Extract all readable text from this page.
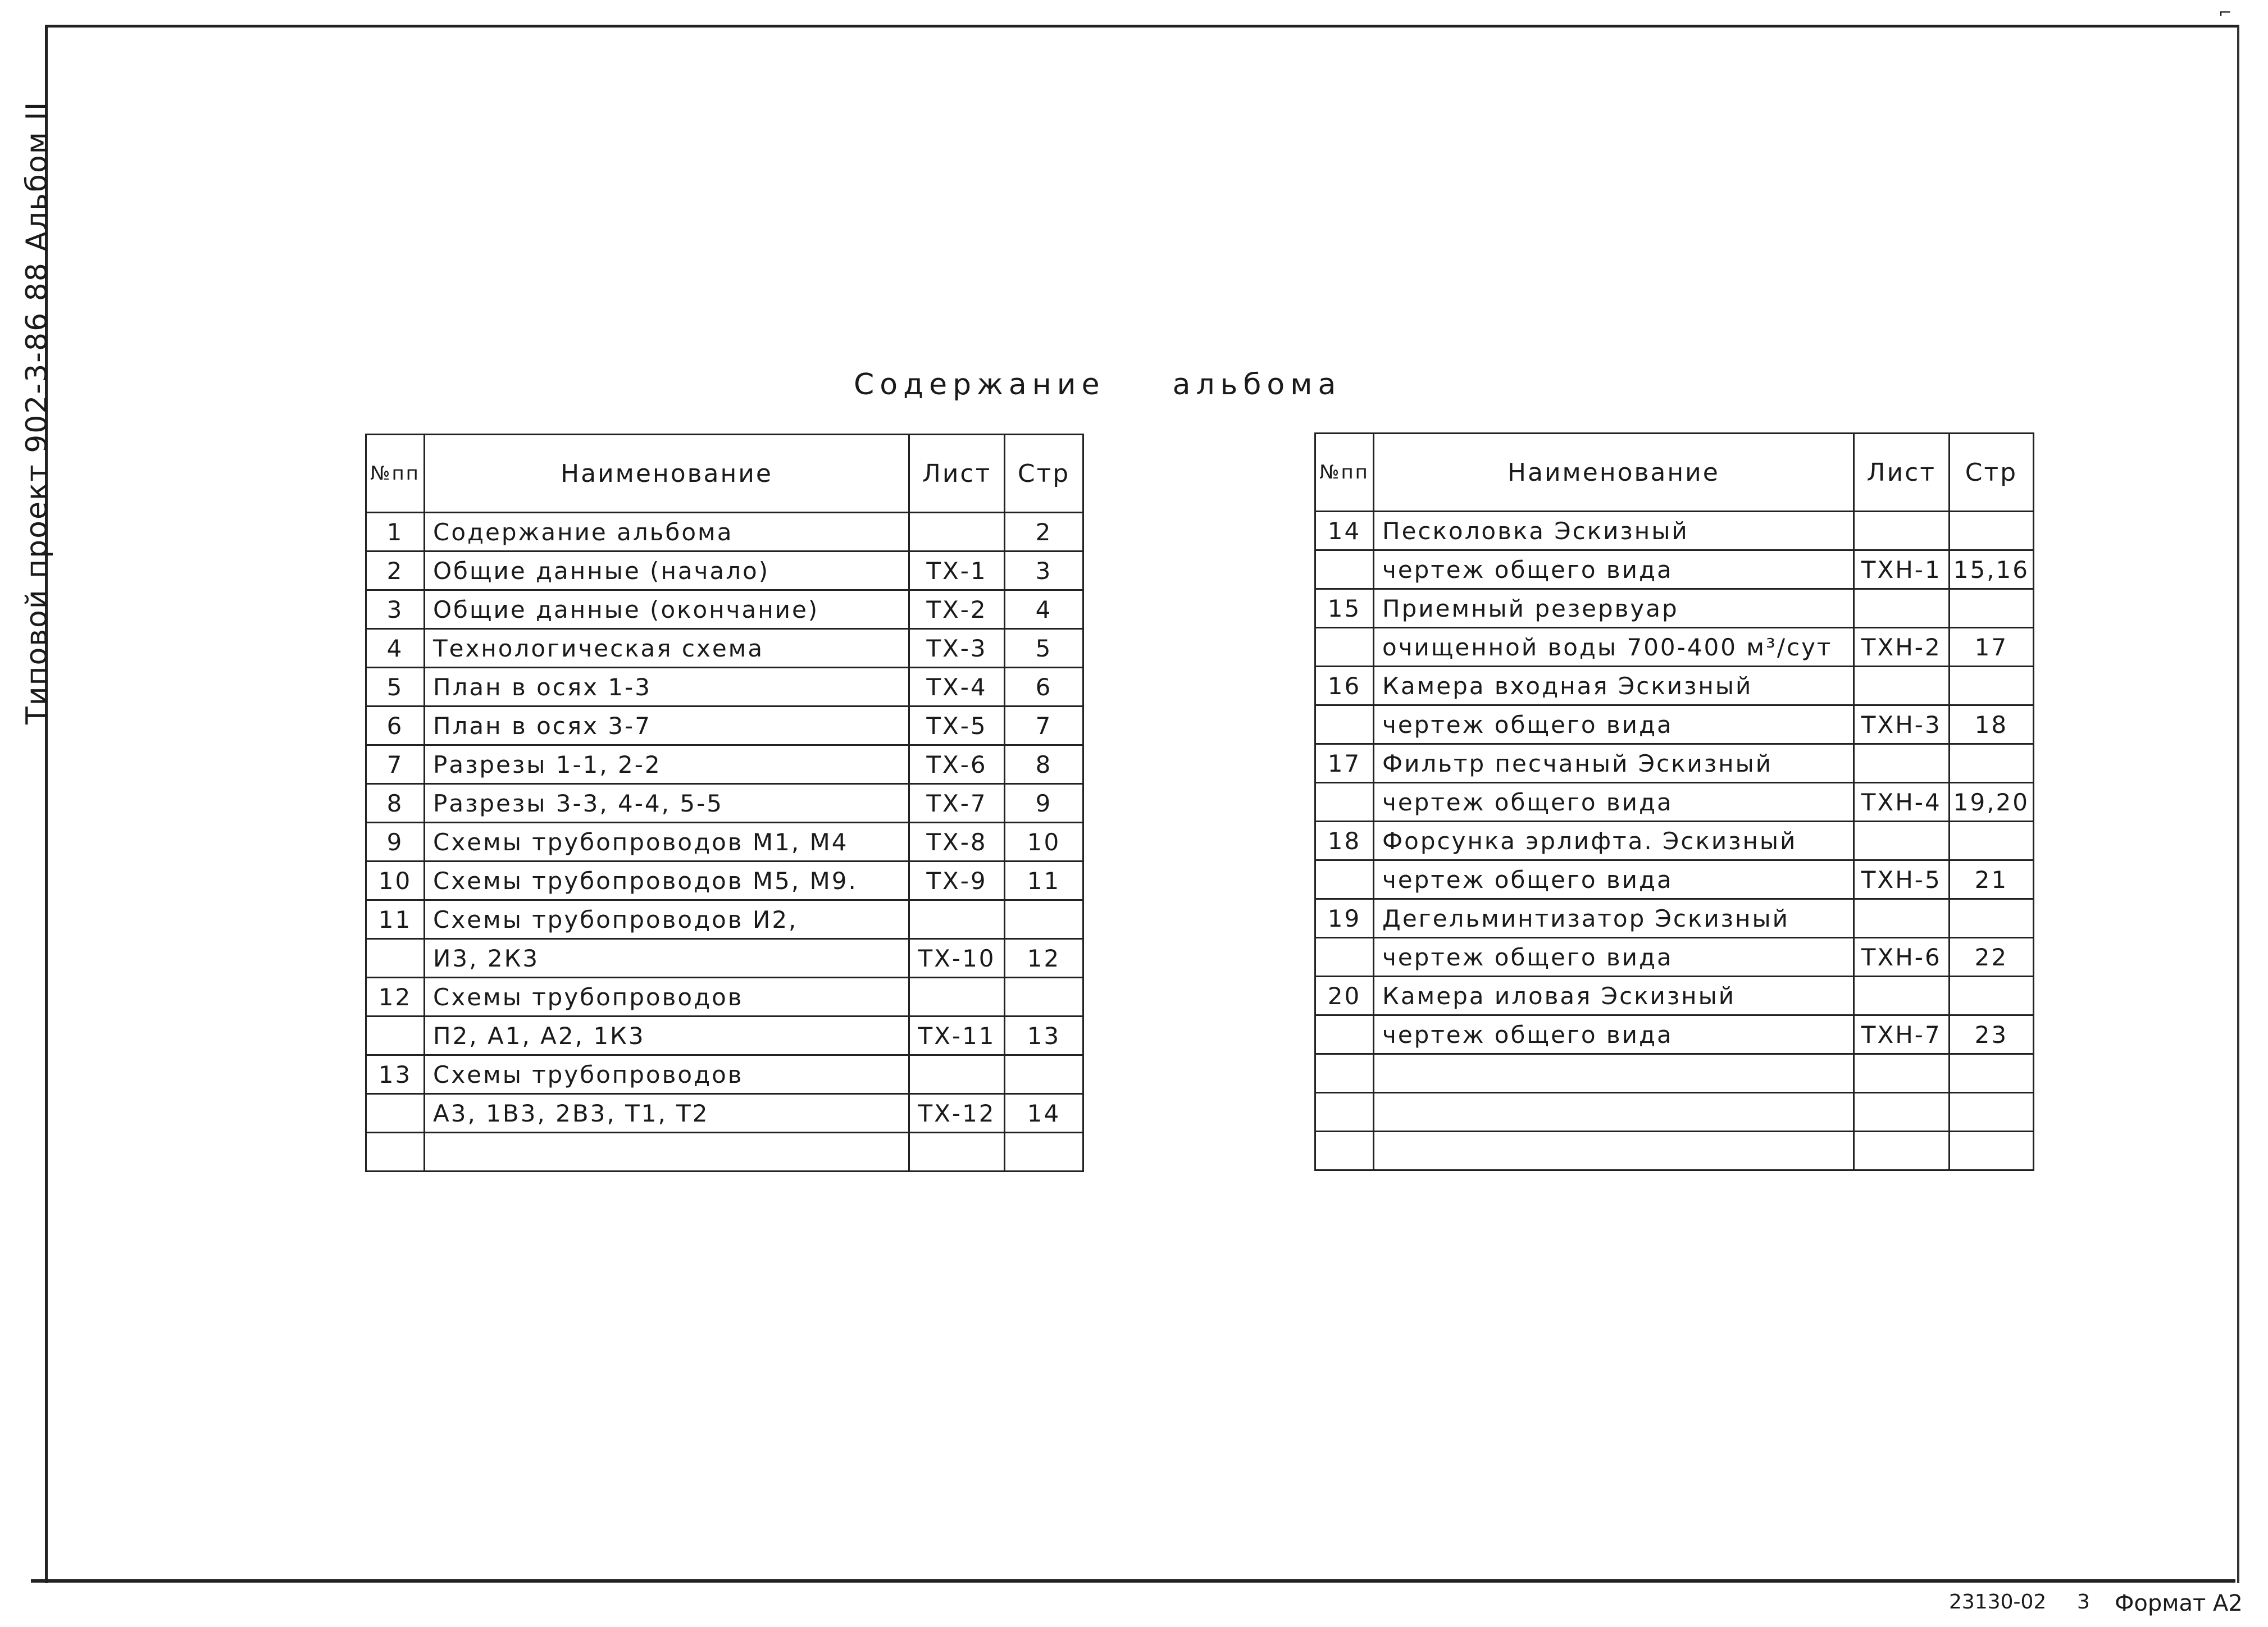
⌐
Типовой проект 902-3-86 88 Альбом II	Содержание альбома
№пп	Наименование	Лист	Стр
1	Содержание альбома		2
2	Общие данные (начало)	ТХ-1	3
3	Общие данные (окончание)	ТХ-2	4
4	Технологическая схема	ТХ-3	5
5	План в осях 1-3	ТХ-4	6
6	План в осях 3-7	ТХ-5	7
7	Разрезы 1-1, 2-2	ТХ-6	8
8	Разрезы 3-3, 4-4, 5-5	ТХ-7	9
9	Схемы трубопроводов М1, М4	ТХ-8	10
10	Схемы трубопроводов М5, М9.	ТХ-9	11
11	Схемы трубопроводов И2,		
	И3, 2К3	ТХ-10	12
12	Схемы трубопроводов		
	П2, А1, А2, 1К3	ТХ-11	13
13	Схемы трубопроводов		
	А3, 1В3, 2В3, Т1, Т2	ТХ-12	14

№пп	Наименование	Лист	Стр
14	Песколовка Эскизный		
	чертеж общего вида	ТХН-1	15,16
15	Приемный резервуар		
	очищенной воды 700-400 м³/сут	ТХН-2	17
16	Камера входная Эскизный		
	чертеж общего вида	ТХН-3	18
17	Фильтр песчаный Эскизный		
	чертеж общего вида	ТХН-4	19,20
18	Форсунка эрлифта. Эскизный		
	чертеж общего вида	ТХН-5	21
19	Дегельминтизатор Эскизный		
	чертеж общего вида	ТХН-6	22
20	Камера иловая Эскизный		
	чертеж общего вида	ТХН-7	23

23130-02 3 Формат А2
